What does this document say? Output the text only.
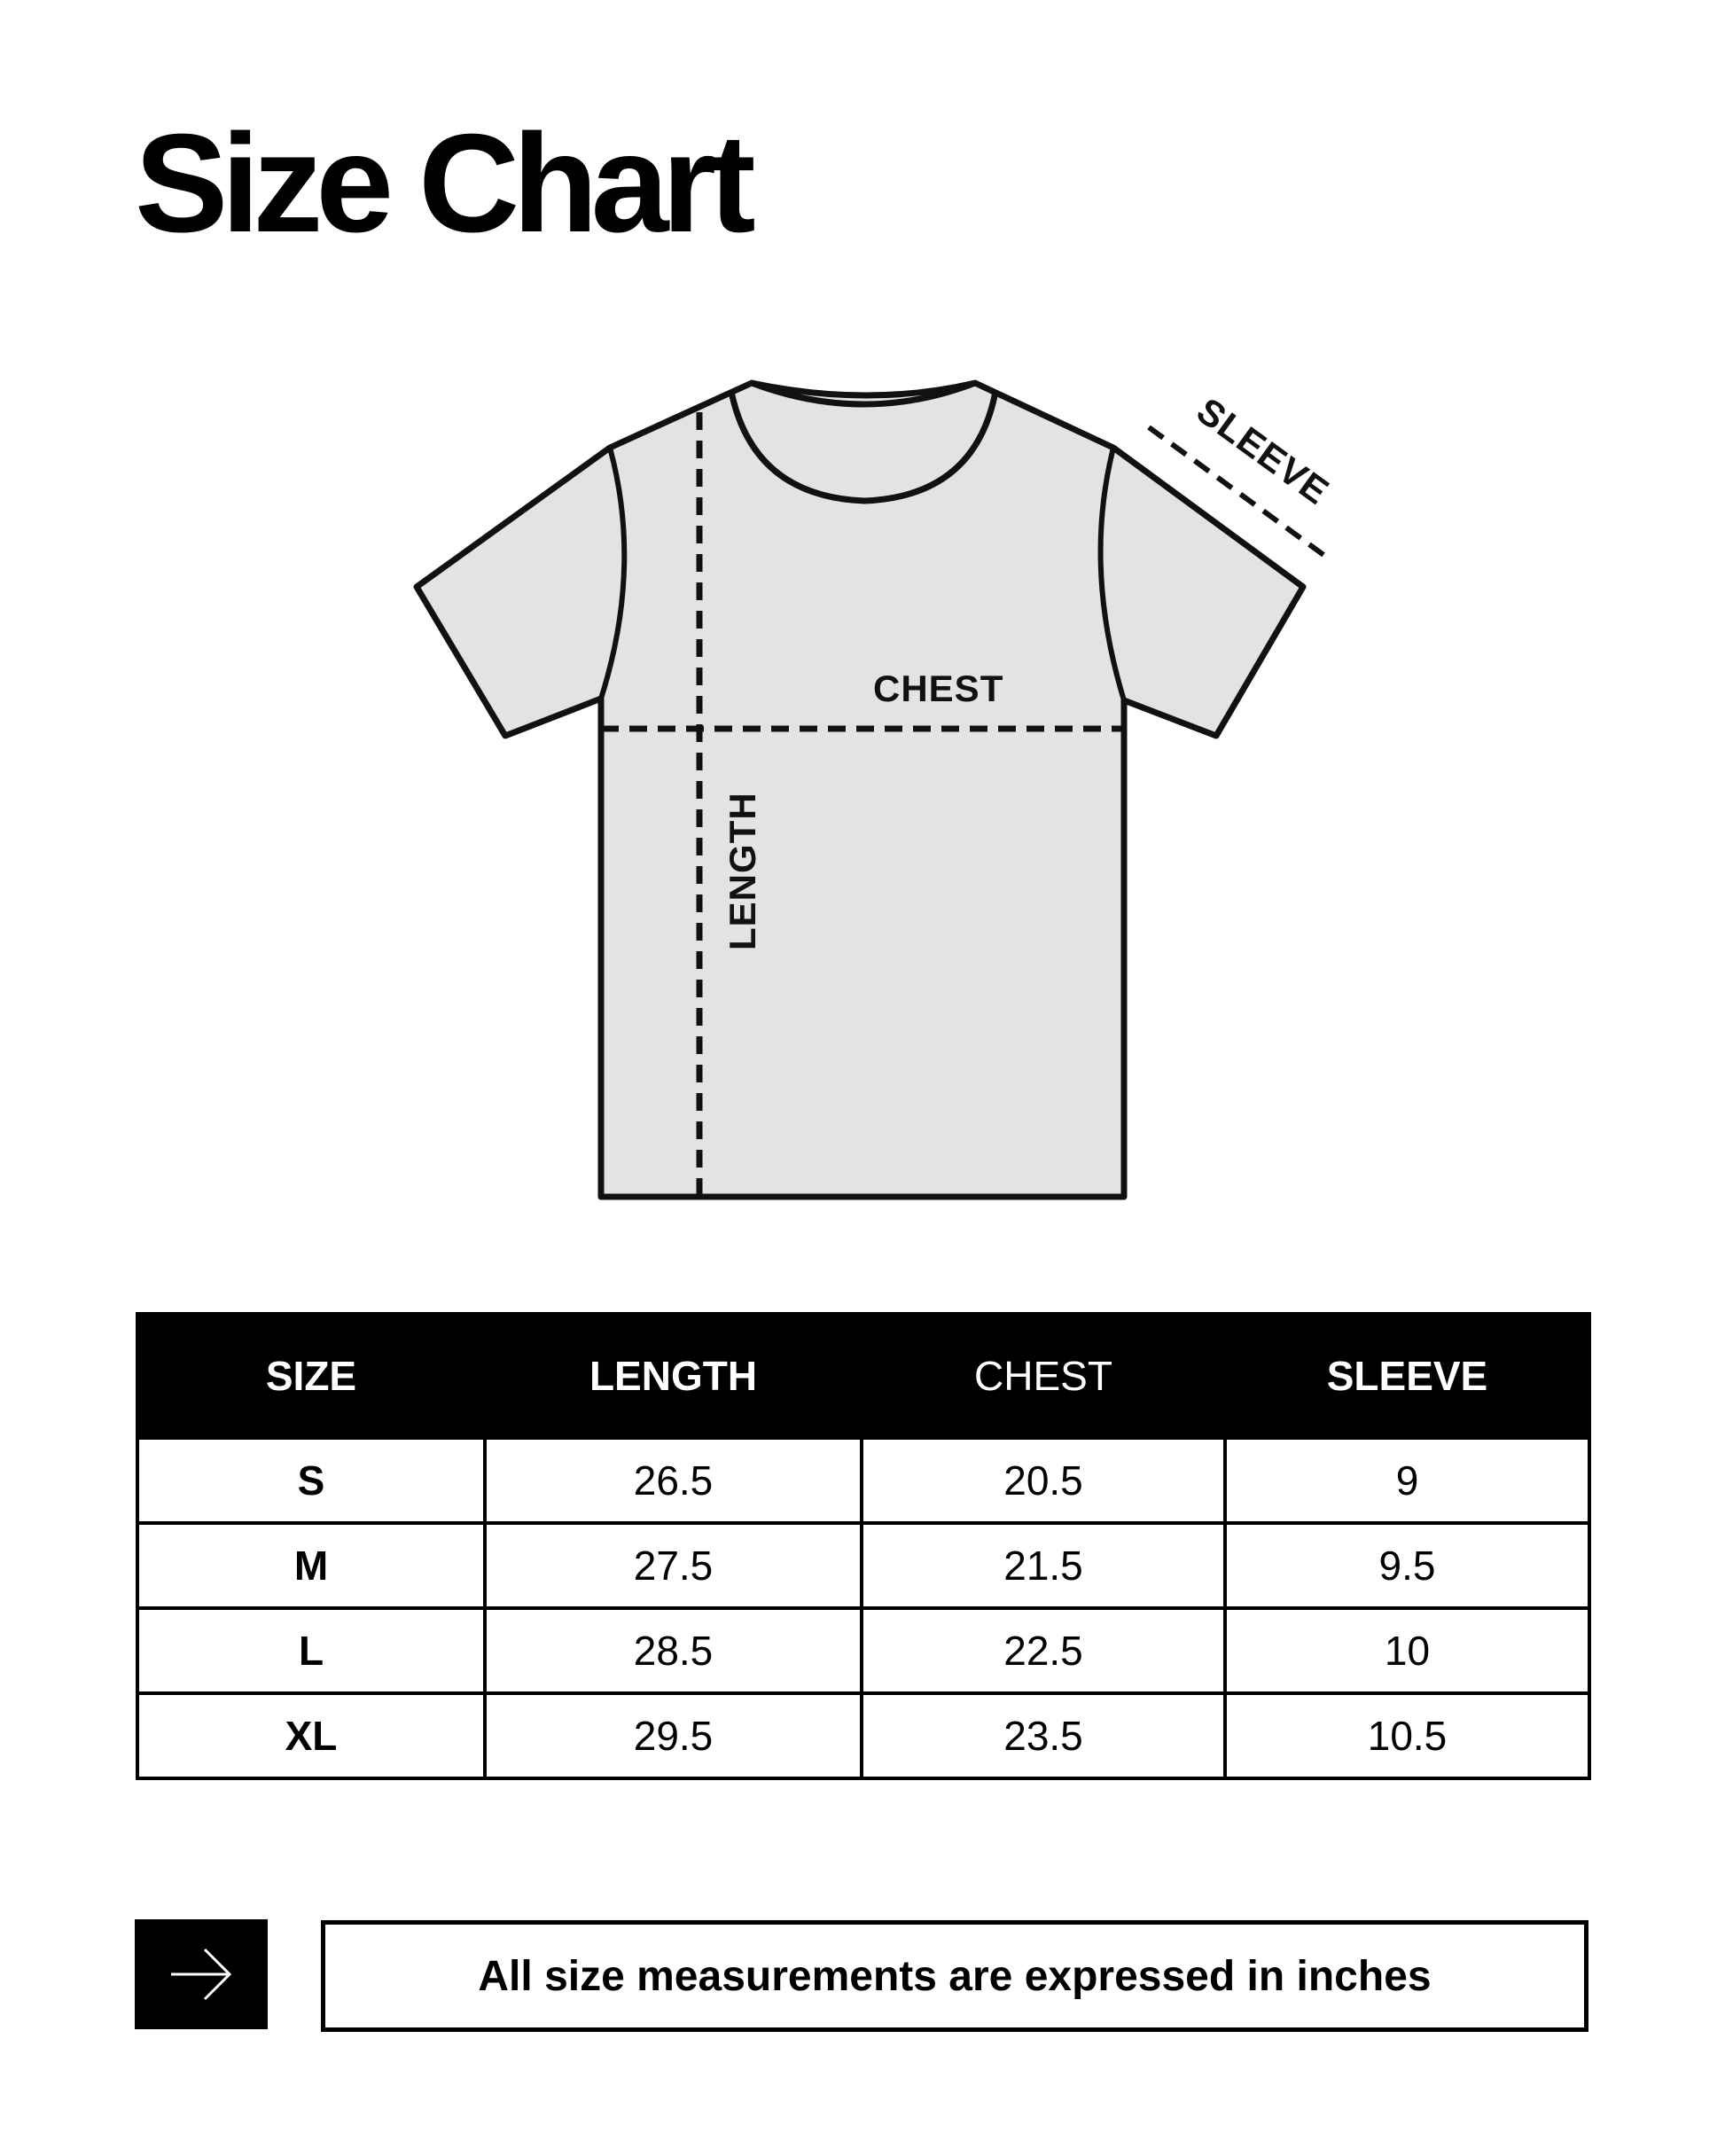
Size Chart
CHEST
LENGTH
SLEEVE
SIZE	LENGTH	CHEST	SLEEVE
S	26.5	20.5	9
M	27.5	21.5	9.5
L	28.5	22.5	10
XL	29.5	23.5	10.5
All size measurements are expressed in inches
